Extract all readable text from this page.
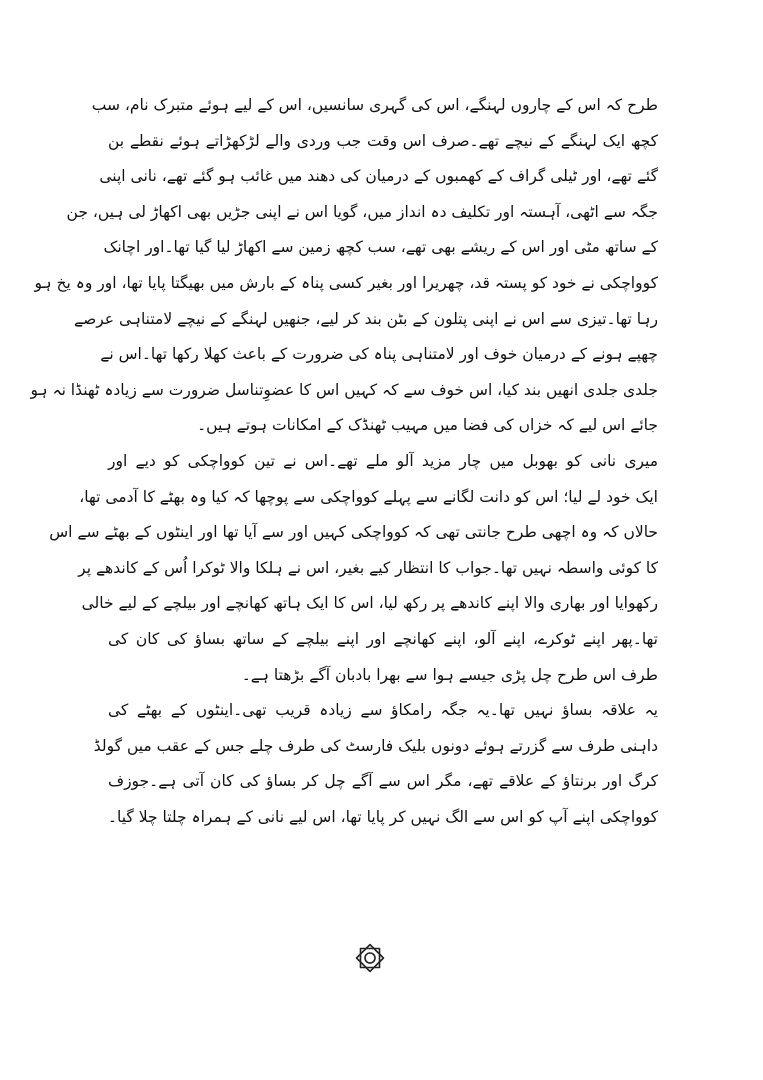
طرح کہ اس کے چاروں لہنگے، اس کی گہری سانسیں، اس کے لیے ہوئے متبرک نام، سب
کچھ ایک لہنگے کے نیچے تھے۔صرف اس وقت جب وردی والے لڑکھڑاتے ہوئے نقطے بن
گئے تھے، اور ٹیلی گراف کے کھمبوں کے درمیان کی دھند میں غائب ہو گئے تھے، نانی اپنی
جگہ سے اٹھی، آہستہ اور تکلیف دہ انداز میں، گویا اس نے اپنی جڑیں بھی اکھاڑ لی ہیں، جن
کے ساتھ مٹی اور اس کے ریشے بھی تھے، سب کچھ زمین سے اکھاڑ لیا گیا تھا۔اور اچانک
کوواچکی نے خود کو پستہ قد، چھریرا اور بغیر کسی پناہ کے بارش میں بھیگتا پایا تھا، اور وہ یخ ہو
رہا تھا۔تیزی سے اس نے اپنی پتلون کے بٹن بند کر لیے، جنھیں لہنگے کے نیچے لامتناہی عرصے
چھپے ہونے کے درمیان خوف اور لامتناہی پناہ کی ضرورت کے باعث کھلا رکھا تھا۔اس نے
جلدی جلدی انھیں بند کیا، اس خوف سے کہ کہیں اس کا عضوِتناسل ضرورت سے زیادہ ٹھنڈا نہ ہو
جائے اس لیے کہ خزاں کی فضا میں مہیب ٹھنڈک کے امکانات ہوتے ہیں۔
میری نانی کو بھوبل میں چار مزید آلو ملے تھے۔اس نے تین کوواچکی کو دیے اور
ایک خود لے لیا؛ اس کو دانت لگانے سے پہلے کوواچکی سے پوچھا کہ کیا وہ بھٹے کا آدمی تھا،
حالاں کہ وہ اچھی طرح جانتی تھی کہ کوواچکی کہیں اور سے آیا تھا اور اینٹوں کے بھٹے سے اس
کا کوئی واسطہ نہیں تھا۔جواب کا انتظار کیے بغیر، اس نے ہلکا والا ٹوکرا اُس کے کاندھے پر
رکھوایا اور بھاری والا اپنے کاندھے پر رکھ لیا، اس کا ایک ہاتھ کھانچے اور بیلچے کے لیے خالی
تھا۔پھر اپنے ٹوکرے، اپنے آلو، اپنے کھانچے اور اپنے بیلچے کے ساتھ بساؤ کی کان کی
طرف اس طرح چل پڑی جیسے ہوا سے بھرا بادبان آگے بڑھتا ہے۔
یہ علاقہ بساؤ نہیں تھا۔یہ جگہ رامکاؤ سے زیادہ قریب تھی۔اینٹوں کے بھٹے کی
داہنی طرف سے گزرتے ہوئے دونوں بلیک فارسٹ کی طرف چلے جس کے عقب میں گولڈ
کرگ اور برنتاؤ کے علاقے تھے، مگر اس سے آگے چل کر بساؤ کی کان آتی ہے۔جوزف
کوواچکی اپنے آپ کو اس سے الگ نہیں کر پایا تھا، اس لیے نانی کے ہمراہ چلتا چلا گیا۔
